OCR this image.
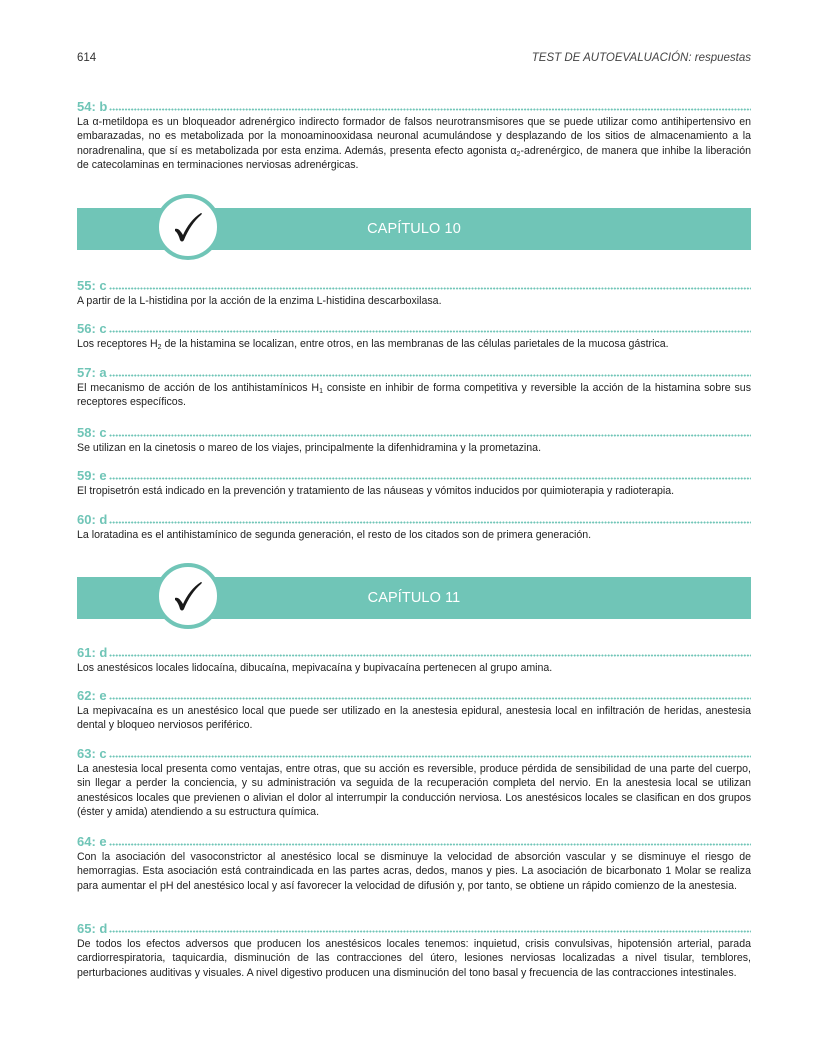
614	TEST DE AUTOEVALUACIÓN: respuestas
54: b
La α-metildopa es un bloqueador adrenérgico indirecto formador de falsos neurotransmisores que se puede utilizar como antihipertensivo en embarazadas, no es metabolizada por la monoaminooxidasa neuronal acumulándose y desplazando de los sitios de almacenamiento a la noradrenalina, que sí es metabolizada por esta enzima. Además, presenta efecto agonista $\alpha_2$-adrenérgico, de manera que inhibe la liberación de catecolaminas en terminaciones nerviosas adrenérgicas.
CAPÍTULO 10
55: c
A partir de la L-histidina por la acción de la enzima L-histidina descarboxilasa.
56: c
Los receptores $H_2$ de la histamina se localizan, entre otros, en las membranas de las células parietales de la mucosa gástrica.
57: a
El mecanismo de acción de los antihistamínicos $H_1$ consiste en inhibir de forma competitiva y reversible la acción de la histamina sobre sus receptores específicos.
58: c
Se utilizan en la cinetosis o mareo de los viajes, principalmente la difenhidramina y la prometazina.
59: e
El tropisetrón está indicado en la prevención y tratamiento de las náuseas y vómitos inducidos por quimioterapia y radioterapia.
60: d
La loratadina es el antihistamínico de segunda generación, el resto de los citados son de primera generación.
CAPÍTULO 11
61: d
Los anestésicos locales lidocaína, dibucaína, mepivacaína y bupivacaína pertenecen al grupo amina.
62: e
La mepivacaína es un anestésico local que puede ser utilizado en la anestesia epidural, anestesia local en infiltración de heridas, anestesia dental y bloqueo nerviosos periférico.
63: c
La anestesia local presenta como ventajas, entre otras, que su acción es reversible, produce pérdida de sensibilidad de una parte del cuerpo, sin llegar a perder la conciencia, y su administración va seguida de la recuperación completa del nervio. En la anestesia local se utilizan anestésicos locales que previenen o alivian el dolor al interrumpir la conducción nerviosa. Los anestésicos locales se clasifican en dos grupos (éster y amida) atendiendo a su estructura química.
64: e
Con la asociación del vasoconstrictor al anestésico local se disminuye la velocidad de absorción vascular y se disminuye el riesgo de hemorragias. Esta asociación está contraindicada en las partes acras, dedos, manos y pies. La asociación de bicarbonato 1 Molar se realiza para aumentar el pH del anestésico local y así favorecer la velocidad de difusión y, por tanto, se obtiene un rápido comienzo de la anestesia.
65: d
De todos los efectos adversos que producen los anestésicos locales tenemos: inquietud, crisis convulsivas, hipotensión arterial, parada cardiorrespiratoria, taquicardia, disminución de las contracciones del útero, lesiones nerviosas localizadas a nivel tisular, temblores, perturbaciones auditivas y visuales. A nivel digestivo producen una disminución del tono basal y frecuencia de las contracciones intestinales.
